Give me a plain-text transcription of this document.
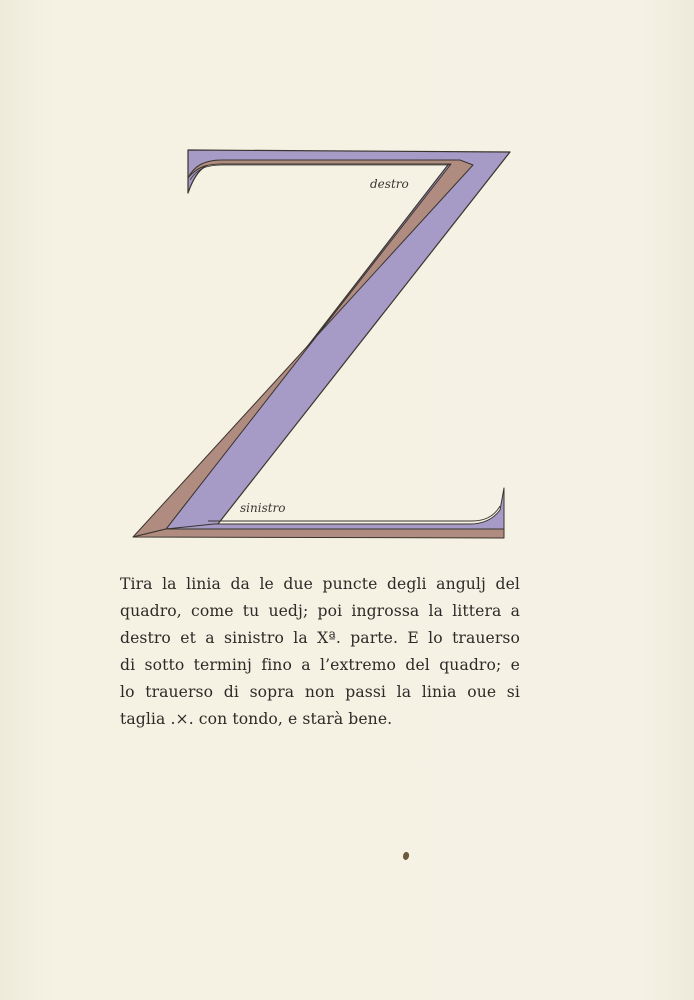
destro
sinistro

Tira la linia da le due puncte degli angulj del
quadro, come tu uedj; poi ingrossa la littera a
destro et a sinistro la Xª. parte. E lo trauerso
di sotto terminj fino a l’extremo del quadro; e
lo trauerso di sopra non passi la linia oue si
taglia .×. con tondo, e starà bene.
